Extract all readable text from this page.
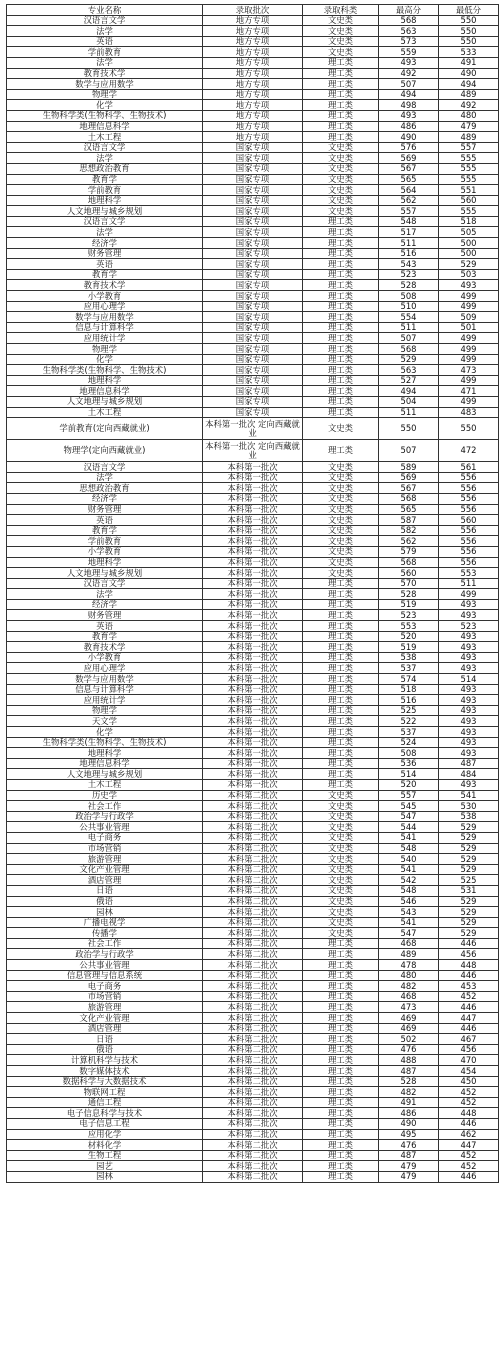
专业名称	录取批次	录取科类	最高分	最低分
汉语言文学	地方专项	文史类	568	550
法学	地方专项	文史类	563	550
英语	地方专项	文史类	573	550
学前教育	地方专项	文史类	559	533
法学	地方专项	理工类	493	491
教育技术学	地方专项	理工类	492	490
数学与应用数学	地方专项	理工类	507	494
物理学	地方专项	理工类	494	489
化学	地方专项	理工类	498	492
生物科学类(生物科学、生物技术)	地方专项	理工类	493	480
地理信息科学	地方专项	理工类	486	479
土木工程	地方专项	理工类	490	489
汉语言文学	国家专项	文史类	576	557
法学	国家专项	文史类	569	555
思想政治教育	国家专项	文史类	567	555
教育学	国家专项	文史类	565	555
学前教育	国家专项	文史类	564	551
地理科学	国家专项	文史类	562	560
人文地理与城乡规划	国家专项	文史类	557	555
汉语言文学	国家专项	理工类	548	518
法学	国家专项	理工类	517	505
经济学	国家专项	理工类	511	500
财务管理	国家专项	理工类	516	500
英语	国家专项	理工类	543	529
教育学	国家专项	理工类	523	503
教育技术学	国家专项	理工类	528	493
小学教育	国家专项	理工类	508	499
应用心理学	国家专项	理工类	510	499
数学与应用数学	国家专项	理工类	554	509
信息与计算科学	国家专项	理工类	511	501
应用统计学	国家专项	理工类	507	499
物理学	国家专项	理工类	568	499
化学	国家专项	理工类	529	499
生物科学类(生物科学、生物技术)	国家专项	理工类	563	473
地理科学	国家专项	理工类	527	499
地理信息科学	国家专项	理工类	494	471
人文地理与城乡规划	国家专项	理工类	504	499
土木工程	国家专项	理工类	511	483
学前教育(定向西藏就业)	本科第一批次 定向西藏就业	文史类	550	550
物理学(定向西藏就业)	本科第一批次 定向西藏就业	理工类	507	472
汉语言文学	本科第一批次	文史类	589	561
法学	本科第一批次	文史类	569	556
思想政治教育	本科第一批次	文史类	567	556
经济学	本科第一批次	文史类	568	556
财务管理	本科第一批次	文史类	565	556
英语	本科第一批次	文史类	587	560
教育学	本科第一批次	文史类	582	556
学前教育	本科第一批次	文史类	562	556
小学教育	本科第一批次	文史类	579	556
地理科学	本科第一批次	文史类	568	556
人文地理与城乡规划	本科第一批次	文史类	560	553
汉语言文学	本科第一批次	理工类	570	511
法学	本科第一批次	理工类	528	499
经济学	本科第一批次	理工类	519	493
财务管理	本科第一批次	理工类	523	493
英语	本科第一批次	理工类	553	523
教育学	本科第一批次	理工类	520	493
教育技术学	本科第一批次	理工类	519	493
小学教育	本科第一批次	理工类	538	493
应用心理学	本科第一批次	理工类	537	493
数学与应用数学	本科第一批次	理工类	574	514
信息与计算科学	本科第一批次	理工类	518	493
应用统计学	本科第一批次	理工类	516	493
物理学	本科第一批次	理工类	525	493
天文学	本科第一批次	理工类	522	493
化学	本科第一批次	理工类	537	493
生物科学类(生物科学、生物技术)	本科第一批次	理工类	524	493
地理科学	本科第一批次	理工类	508	493
地理信息科学	本科第一批次	理工类	536	487
人文地理与城乡规划	本科第一批次	理工类	514	484
土木工程	本科第一批次	理工类	520	493
历史学	本科第二批次	文史类	557	541
社会工作	本科第二批次	文史类	545	530
政治学与行政学	本科第二批次	文史类	547	538
公共事业管理	本科第二批次	文史类	544	529
电子商务	本科第二批次	文史类	541	529
市场营销	本科第二批次	文史类	548	529
旅游管理	本科第二批次	文史类	540	529
文化产业管理	本科第二批次	文史类	541	529
酒店管理	本科第二批次	文史类	542	525
日语	本科第二批次	文史类	548	531
俄语	本科第二批次	文史类	546	529
园林	本科第二批次	文史类	543	529
广播电视学	本科第二批次	文史类	541	529
传播学	本科第二批次	文史类	547	529
社会工作	本科第二批次	理工类	468	446
政治学与行政学	本科第二批次	理工类	489	456
公共事业管理	本科第二批次	理工类	478	448
信息管理与信息系统	本科第二批次	理工类	480	446
电子商务	本科第二批次	理工类	482	453
市场营销	本科第二批次	理工类	468	452
旅游管理	本科第二批次	理工类	473	446
文化产业管理	本科第二批次	理工类	469	447
酒店管理	本科第二批次	理工类	469	446
日语	本科第二批次	理工类	502	467
俄语	本科第二批次	理工类	476	456
计算机科学与技术	本科第二批次	理工类	488	470
数字媒体技术	本科第二批次	理工类	487	454
数据科学与大数据技术	本科第二批次	理工类	528	450
物联网工程	本科第二批次	理工类	482	452
通信工程	本科第二批次	理工类	491	452
电子信息科学与技术	本科第二批次	理工类	486	448
电子信息工程	本科第二批次	理工类	490	446
应用化学	本科第二批次	理工类	495	462
材料化学	本科第二批次	理工类	476	447
生物工程	本科第二批次	理工类	487	452
园艺	本科第二批次	理工类	479	452
园林	本科第二批次	理工类	479	446
